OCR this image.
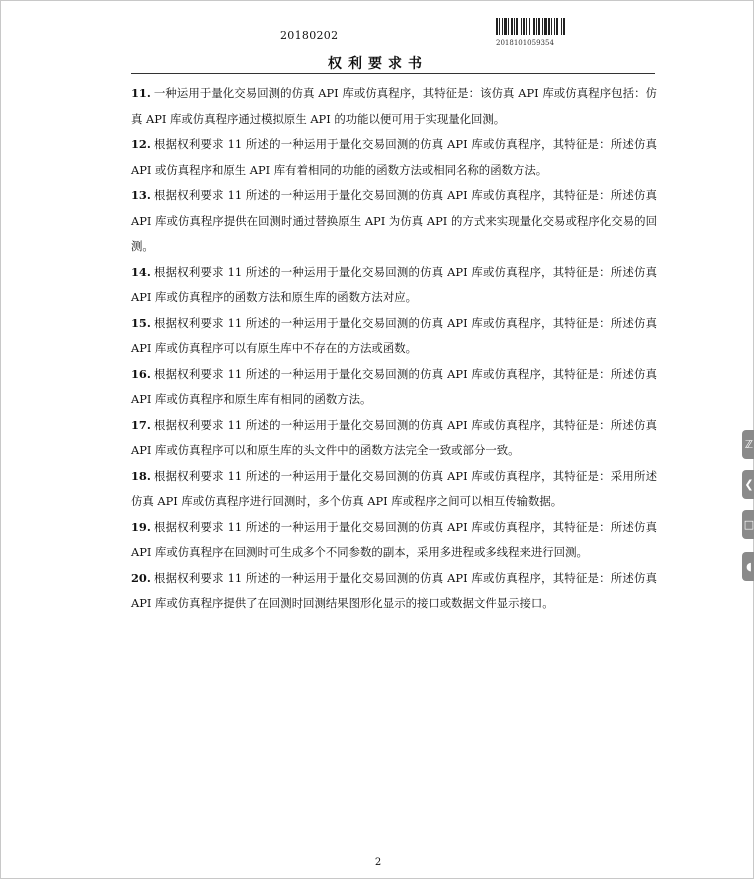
20180202
2018101059354
权利要求书

11. 一种运用于量化交易回测的仿真 API 库或仿真程序，其特征是：该仿真 API 库或仿真程序包括：仿真 API 库或仿真程序通过模拟原生 API 的功能以便可用于实现量化回测。

12. 根据权利要求 11 所述的一种运用于量化交易回测的仿真 API 库或仿真程序，其特征是：所述仿真 API 或仿真程序和原生 API 库有着相同的功能的函数方法或相同名称的函数方法。

13. 根据权利要求 11 所述的一种运用于量化交易回测的仿真 API 库或仿真程序，其特征是：所述仿真 API 库或仿真程序提供在回测时通过替换原生 API 为仿真 API 的方式来实现量化交易或程序化交易的回测。

14. 根据权利要求 11 所述的一种运用于量化交易回测的仿真 API 库或仿真程序，其特征是：所述仿真 API 库或仿真程序的函数方法和原生库的函数方法对应。

15. 根据权利要求 11 所述的一种运用于量化交易回测的仿真 API 库或仿真程序，其特征是：所述仿真 API 库或仿真程序可以有原生库中不存在的方法或函数。

16. 根据权利要求 11 所述的一种运用于量化交易回测的仿真 API 库或仿真程序，其特征是：所述仿真 API 库或仿真程序和原生库有相同的函数方法。

17. 根据权利要求 11 所述的一种运用于量化交易回测的仿真 API 库或仿真程序，其特征是：所述仿真 API 库或仿真程序可以和原生库的头文件中的函数方法完全一致或部分一致。

18. 根据权利要求 11 所述的一种运用于量化交易回测的仿真 API 库或仿真程序，其特征是：采用所述仿真 API 库或仿真程序进行回测时，多个仿真 API 库或程序之间可以相互传输数据。

19. 根据权利要求 11 所述的一种运用于量化交易回测的仿真 API 库或仿真程序，其特征是：所述仿真 API 库或仿真程序在回测时可生成多个不同参数的副本，采用多进程或多线程来进行回测。

20. 根据权利要求 11 所述的一种运用于量化交易回测的仿真 API 库或仿真程序，其特征是：所述仿真 API 库或仿真程序提供了在回测时回测结果图形化显示的接口或数据文件显示接口。

2
ℤ
❮
□
◖
